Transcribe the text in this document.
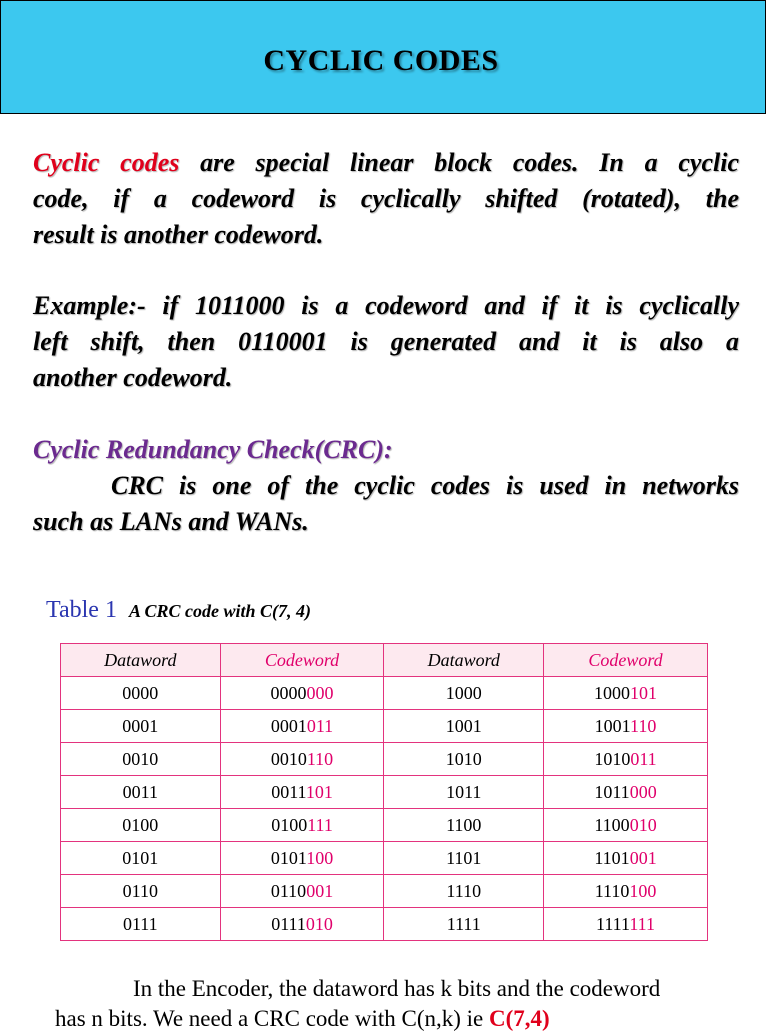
CYCLIC CODES
Cyclic codes are special linear block codes. In a cyclic
code, if a codeword is cyclically shifted (rotated), the
result is another codeword.
Example:- if 1011000 is a codeword and if it is cyclically
left shift, then 0110001 is generated and it is also a
another codeword.
Cyclic Redundancy Check(CRC):
CRC is one of the cyclic codes is used in networks
such as LANs and WANs.
Table 1 A CRC code with C(7, 4)
Dataword	Codeword	Dataword	Codeword
0000	0000000	1000	1000101
0001	0001011	1001	1001110
0010	0010110	1010	1010011
0011	0011101	1011	1011000
0100	0100111	1100	1100010
0101	0101100	1101	1101001
0110	0110001	1110	1110100
0111	0111010	1111	1111111
In the Encoder, the dataword has k bits and the codeword
has n bits. We need a CRC code with C(n,k) ie C(7,4)
